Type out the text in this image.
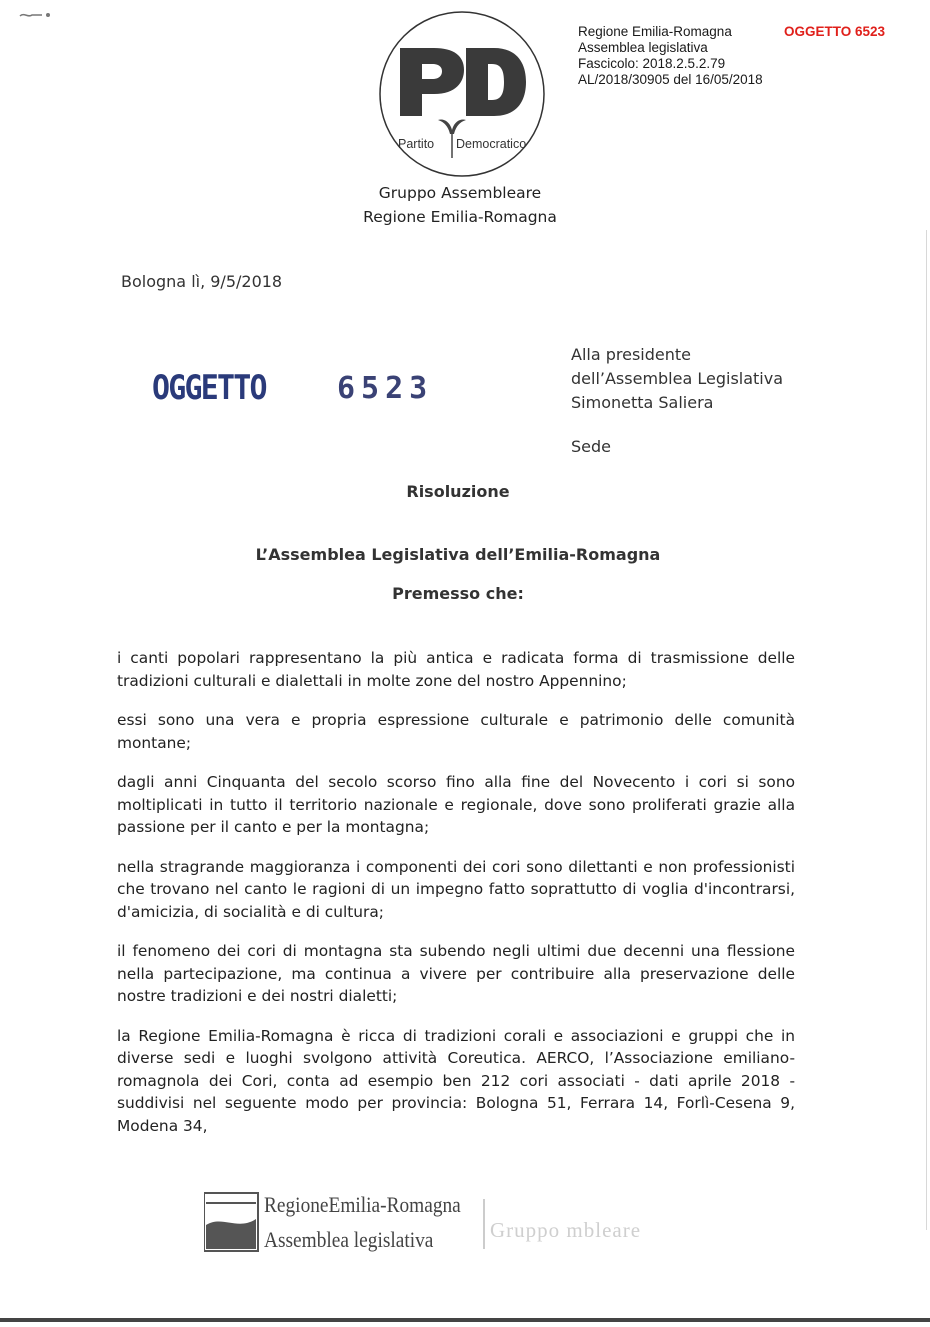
Regione Emilia-Romagna
Assemblea legislativa
Fascicolo: 2018.2.5.2.79
AL/2018/30905 del 16/05/2018
OGGETTO 6523
Partito Democratico
Gruppo Assembleare
Regione Emilia-Romagna
Bologna lì, 9/5/2018
OGGETTO 6523
Alla presidente
dell’Assemblea Legislativa
Simonetta Saliera
Sede
Risoluzione
L’Assemblea Legislativa dell’Emilia-Romagna
Premesso che:

i canti popolari rappresentano la più antica e radicata forma di trasmissione delle tradizioni culturali e dialettali in molte zone del nostro Appennino;

essi sono una vera e propria espressione culturale e patrimonio delle comunità montane;

dagli anni Cinquanta del secolo scorso fino alla fine del Novecento i cori si sono moltiplicati in tutto il territorio nazionale e regionale, dove sono proliferati grazie alla passione per il canto e per la montagna;

nella stragrande maggioranza i componenti dei cori sono dilettanti e non professionisti che trovano nel canto le ragioni di un impegno fatto soprattutto di voglia d'incontrarsi, d'amicizia, di socialità e di cultura;

il fenomeno dei cori di montagna sta subendo negli ultimi due decenni una flessione nella partecipazione, ma continua a vivere per contribuire alla preservazione delle nostre tradizioni e dei nostri dialetti;

la Regione Emilia-Romagna è ricca di tradizioni corali e associazioni e gruppi che in diverse sedi e luoghi svolgono attività Coreutica. AERCO, l’Associazione emiliano-romagnola dei Cori, conta ad esempio ben 212 cori associati - dati aprile 2018 - suddivisi nel seguente modo per provincia: Bologna 51, Ferrara 14, Forlì-Cesena 9, Modena 34,

RegioneEmilia-Romagna
Assemblea legislativa	Gruppo mbleare
